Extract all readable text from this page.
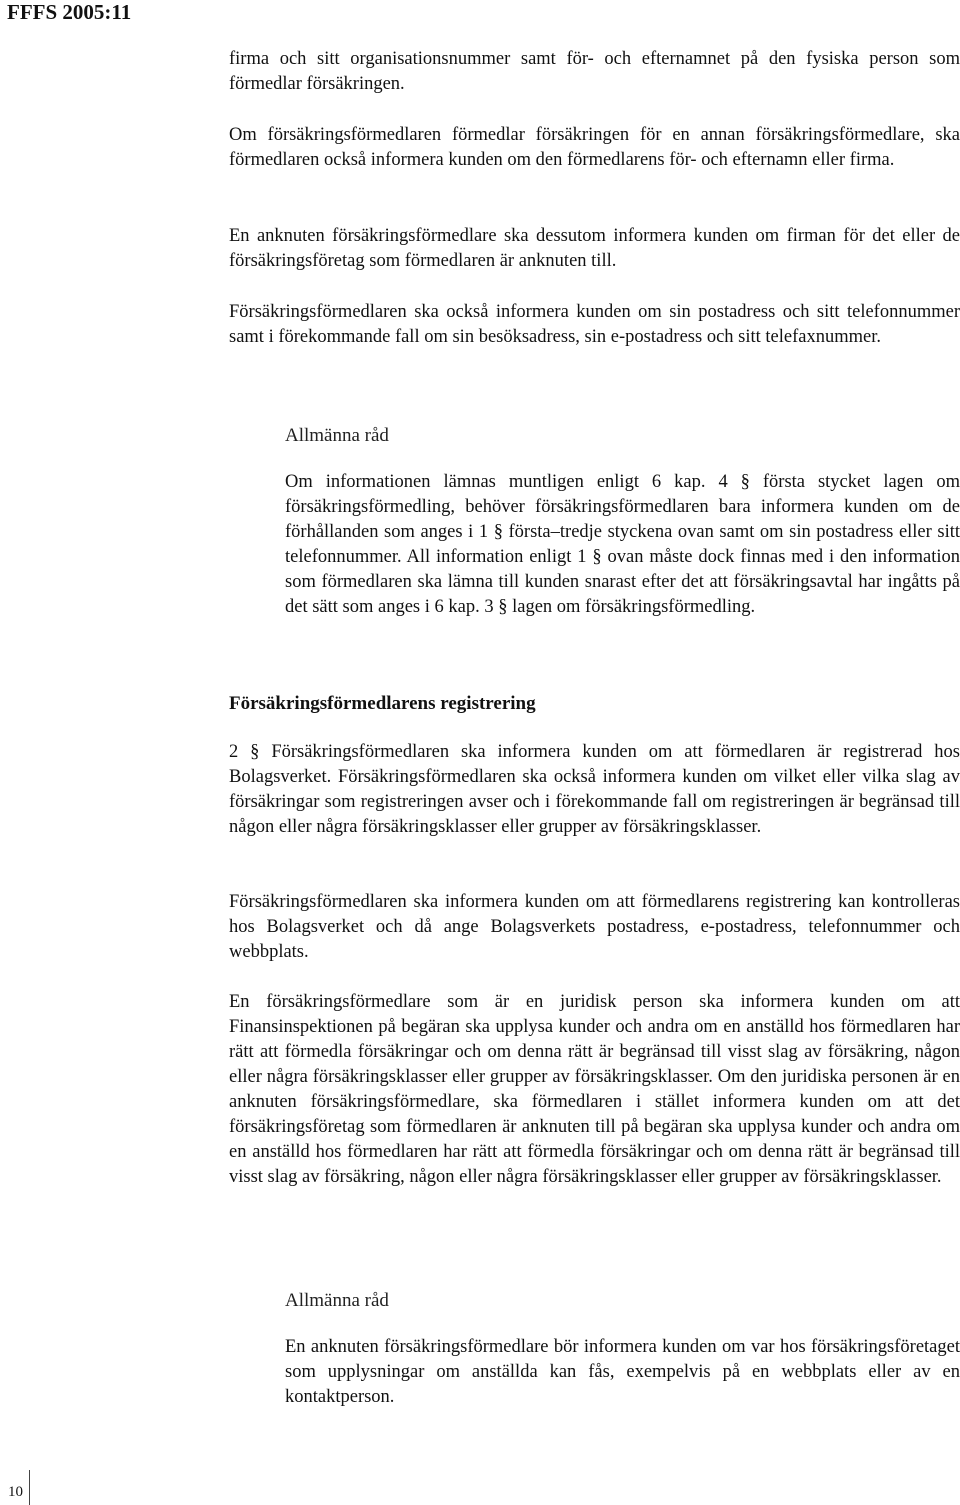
FFFS 2005:11
firma och sitt organisationsnummer samt för- och efternamnet på den fysiska person som förmedlar försäkringen.
Om försäkringsförmedlaren förmedlar försäkringen för en annan försäkringsförmedlare, ska förmedlaren också informera kunden om den förmedlarens för- och efternamn eller firma.
En anknuten försäkringsförmedlare ska dessutom informera kunden om firman för det eller de försäkringsföretag som förmedlaren är anknuten till.
Försäkringsförmedlaren ska också informera kunden om sin postadress och sitt telefonnummer samt i förekommande fall om sin besöksadress, sin e-postadress och sitt telefaxnummer.
Allmänna råd
Om informationen lämnas muntligen enligt 6 kap. 4 § första stycket lagen om försäkringsförmedling, behöver försäkringsförmedlaren bara informera kunden om de förhållanden som anges i 1 § första–tredje styckena ovan samt om sin postadress eller sitt telefonnummer. All information enligt 1 § ovan måste dock finnas med i den information som förmedlaren ska lämna till kunden snarast efter det att försäkringsavtal har ingåtts på det sätt som anges i 6 kap. 3 § lagen om försäkringsförmedling.
Försäkringsförmedlarens registrering
2 § Försäkringsförmedlaren ska informera kunden om att förmedlaren är registrerad hos Bolagsverket. Försäkringsförmedlaren ska också informera kunden om vilket eller vilka slag av försäkringar som registreringen avser och i förekommande fall om registreringen är begränsad till någon eller några försäkringsklasser eller grupper av försäkringsklasser.
Försäkringsförmedlaren ska informera kunden om att förmedlarens registrering kan kontrolleras hos Bolagsverket och då ange Bolagsverkets postadress, e-postadress, telefonnummer och webbplats.
En försäkringsförmedlare som är en juridisk person ska informera kunden om att Finansinspektionen på begäran ska upplysa kunder och andra om en anställd hos förmedlaren har rätt att förmedla försäkringar och om denna rätt är begränsad till visst slag av försäkring, någon eller några försäkringsklasser eller grupper av försäkringsklasser. Om den juridiska personen är en anknuten försäkringsförmedlare, ska förmedlaren i stället informera kunden om att det försäkringsföretag som förmedlaren är anknuten till på begäran ska upplysa kunder och andra om en anställd hos förmedlaren har rätt att förmedla försäkringar och om denna rätt är begränsad till visst slag av försäkring, någon eller några försäkringsklasser eller grupper av försäkringsklasser.
Allmänna råd
En anknuten försäkringsförmedlare bör informera kunden om var hos försäkringsföretaget som upplysningar om anställda kan fås, exempelvis på en webbplats eller av en kontaktperson.
10
